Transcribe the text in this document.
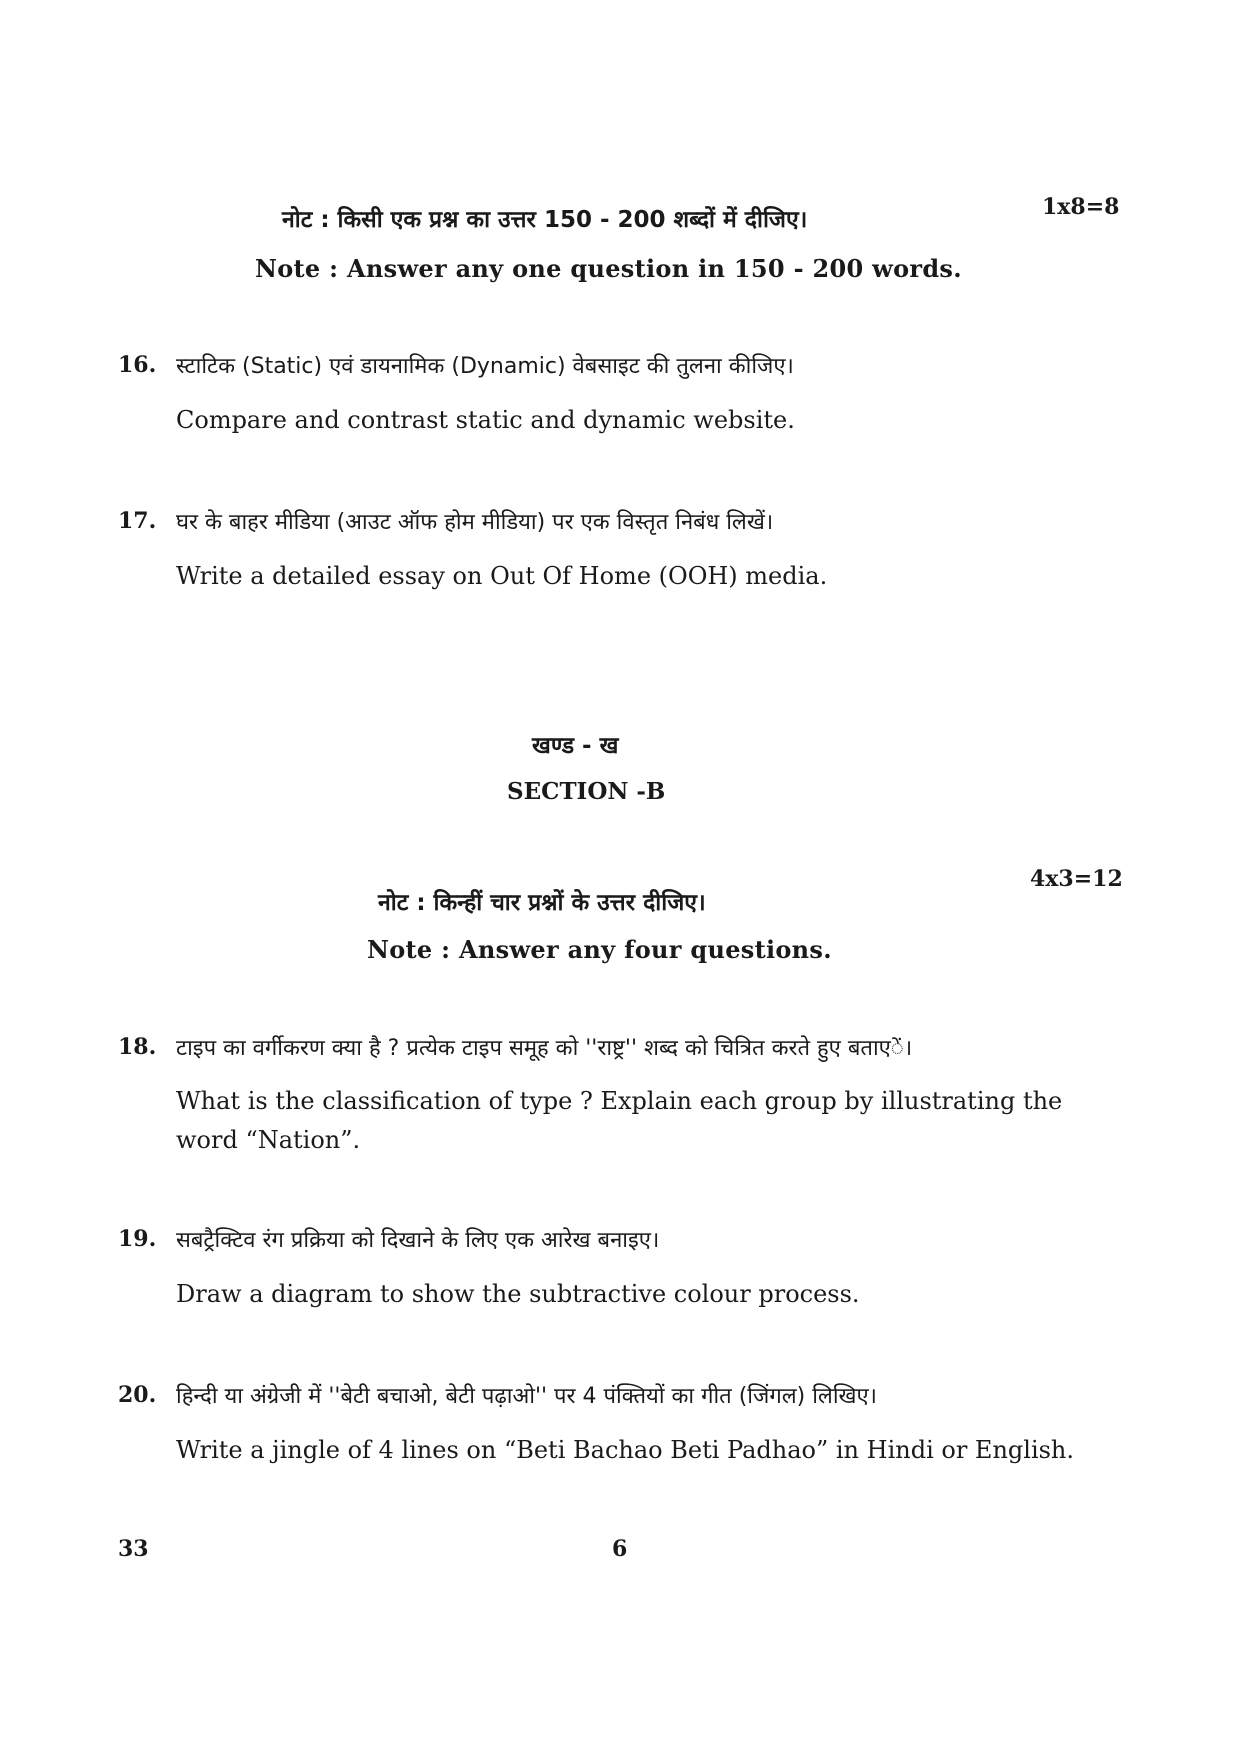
नोट : किसी एक प्रश्न का उत्तर 150 - 200 शब्दों में दीजिए।	1x8=8
Note : Answer any one question in 150 - 200 words.
16. स्टाटिक (Static) एवं डायनामिक (Dynamic) वेबसाइट की तुलना कीजिए।
Compare and contrast static and dynamic website.
17. घर के बाहर मीडिया (आउट ऑफ होम मीडिया) पर एक विस्तृत निबंध लिखें।
Write a detailed essay on Out Of Home (OOH) media.
खण्ड - ख
SECTION -B
नोट : किन्हीं चार प्रश्नों के उत्तर दीजिए।
4x3=12
Note : Answer any four questions.
18. टाइप का वर्गीकरण क्या है ? प्रत्येक टाइप समूह को ''राष्ट्र'' शब्द को चित्रित करते हुए बताएें।
What is the classification of type ? Explain each group by illustrating the word “Nation”.
19. सबट्रैक्टिव रंग प्रक्रिया को दिखाने के लिए एक आरेख बनाइए।
Draw a diagram to show the subtractive colour process.
20. हिन्दी या अंग्रेजी में ''बेटी बचाओ, बेटी पढ़ाओ'' पर 4 पंक्तियों का गीत (जिंगल) लिखिए।
Write a jingle of 4 lines on “Beti Bachao Beti Padhao” in Hindi or English.
33	6
